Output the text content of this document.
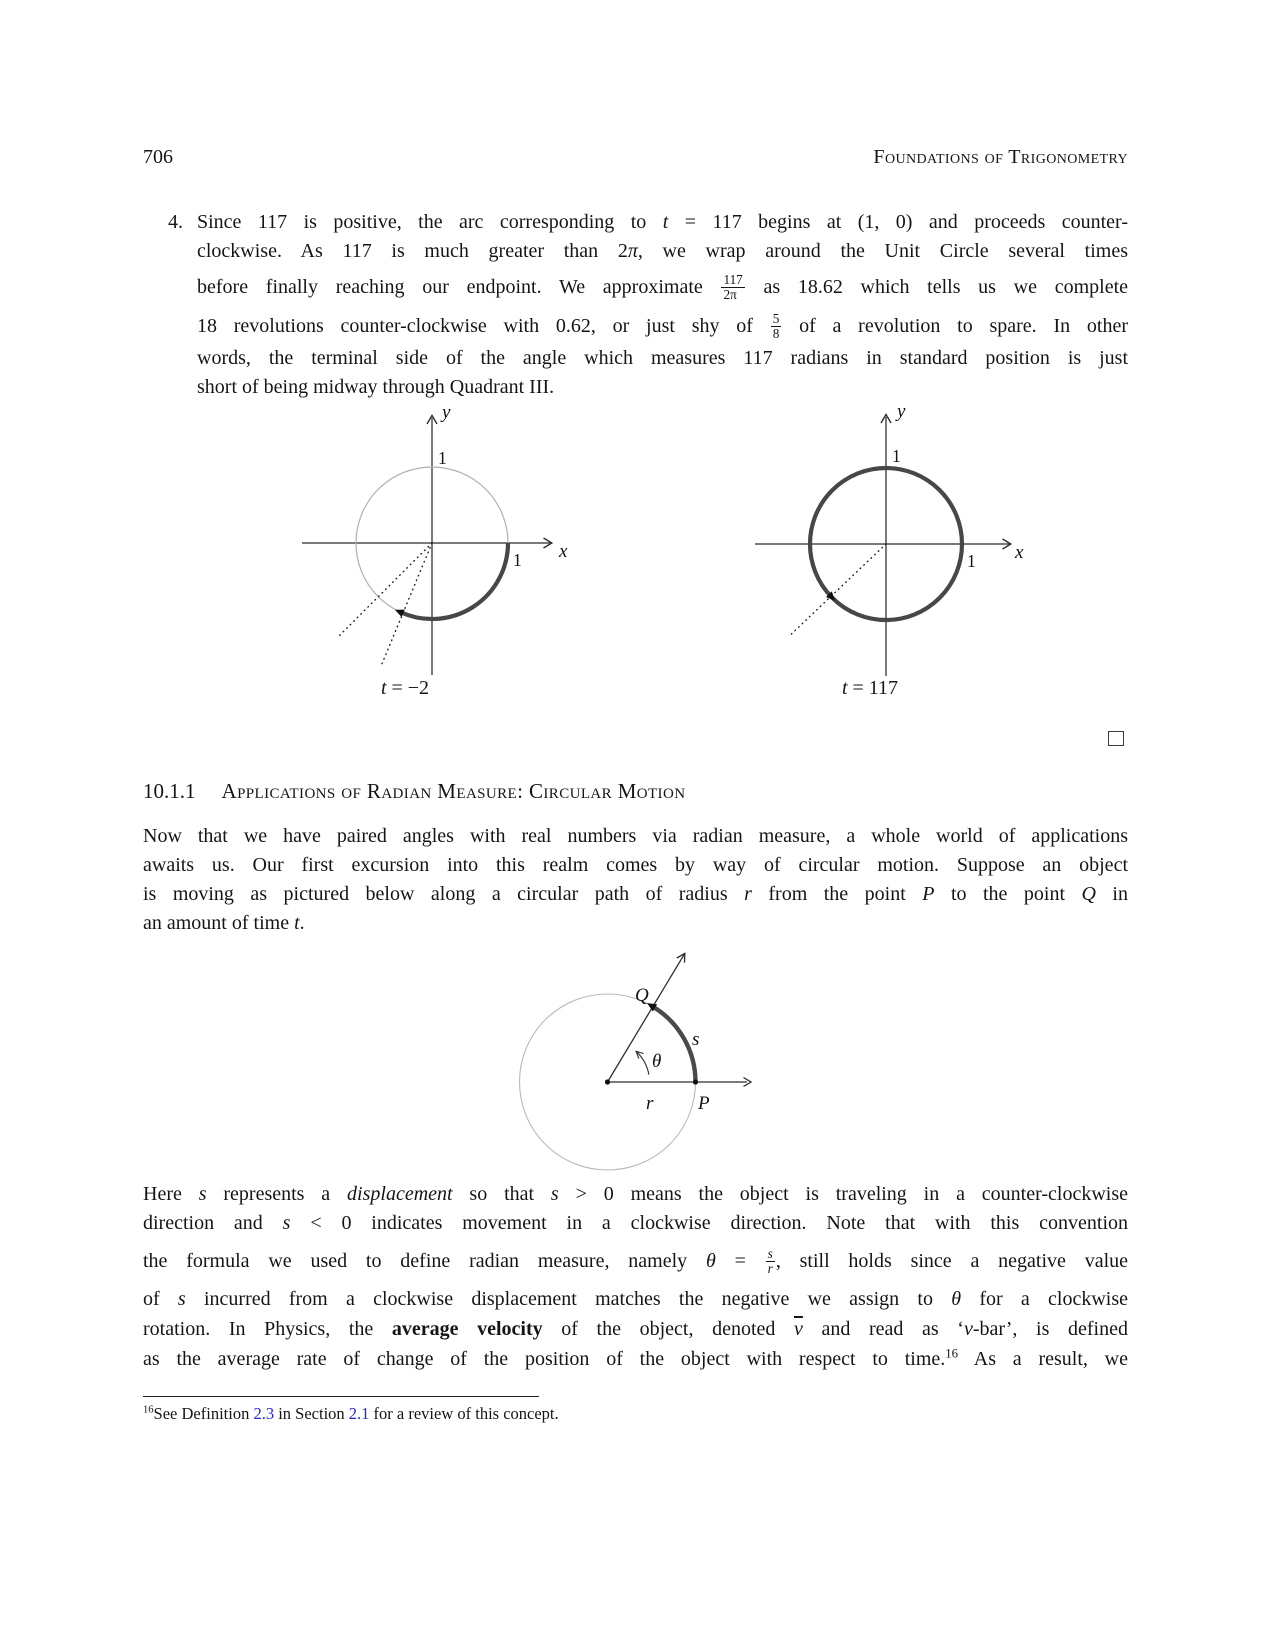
706	Foundations of Trigonometry
4. Since 117 is positive, the arc corresponding to t = 117 begins at (1, 0) and proceeds counter-
clockwise. As 117 is much greater than 2π, we wrap around the Unit Circle several times
before finally reaching our endpoint. We approximate $\frac{117}{2\pi}$ as 18.62 which tells us we complete
18 revolutions counter-clockwise with 0.62, or just shy of $\frac{5}{8}$ of a revolution to spare. In other
words, the terminal side of the angle which measures 117 radians in standard position is just
short of being midway through Quadrant III.
y
x
1
1
y
x
1
1
t = −2	t = 117
10.1.1 Applications of Radian Measure: Circular Motion
Now that we have paired angles with real numbers via radian measure, a whole world of applications
awaits us. Our first excursion into this realm comes by way of circular motion. Suppose an object
is moving as pictured below along a circular path of radius r from the point P to the point Q in
an amount of time t.
Q
s
θ
r P
Here s represents a displacement so that s > 0 means the object is traveling in a counter-clockwise
direction and s < 0 indicates movement in a clockwise direction. Note that with this convention
the formula we used to define radian measure, namely $\theta = \frac{s}{r}$ , still holds since a negative value
of s incurred from a clockwise displacement matches the negative we assign to θ for a clockwise
rotation. In Physics, the average velocity of the object, denoted $\overline{v}$ and read as ‘v-bar’, is defined
as the average rate of change of the position of the object with respect to time.$^{16}$ As a result, we
$^{16}$See Definition 2.3 in Section 2.1 for a review of this concept.
